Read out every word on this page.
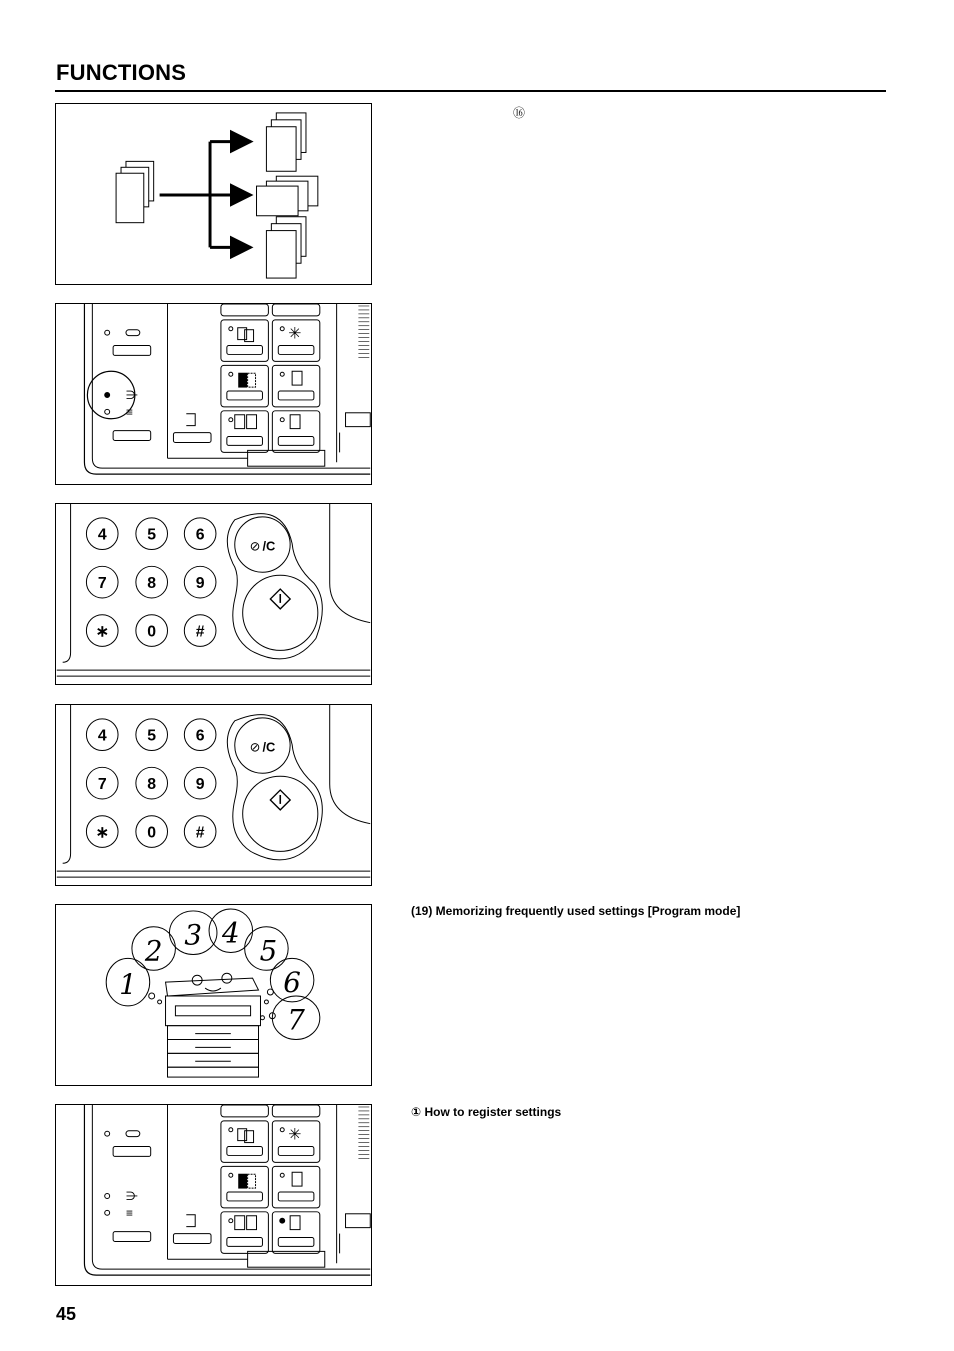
FUNCTIONS
⑯
⋺
≡
✳
⊘ /C
4	5 6
7	8 9
∗ 0 #
⊘ /C
4	5 6
7	8 9
∗ 0 #
1
2 3 4
5
6
7
⋺
≡
✳
(19) Memorizing frequently used settings [Program mode]
① How to register settings
45
